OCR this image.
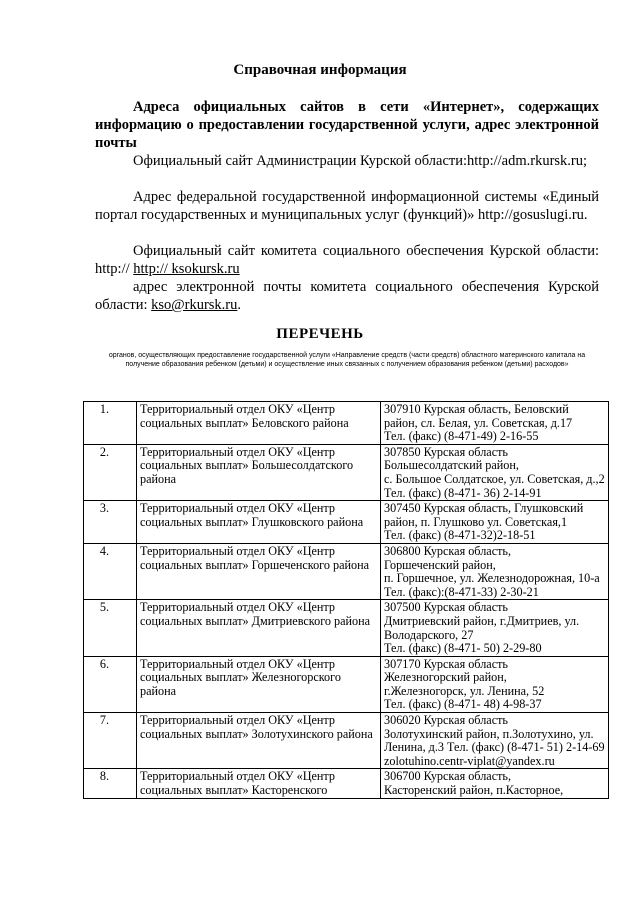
Справочная информация
Адреса официальных сайтов в сети «Интернет», содержащих информацию о предоставлении государственной услуги, адрес электронной почты
Официальный сайт Администрации Курской области:http://adm.rkursk.ru;
Адрес федеральной государственной информационной системы «Единый портал государственных и муниципальных услуг (функций)» http://gosuslugi.ru.
Официальный сайт комитета социального обеспечения Курской области: http:// http:// ksokursk.ru
адрес электронной почты комитета социального обеспечения Курской области: kso@rkursk.ru.
ПЕРЕЧЕНЬ
органов, осуществляющих предоставление государственной услуги «Направление средств (части средств) областного материнского капитала на получение образования ребенком (детьми) и осуществление иных связанных с получением образования ребенком (детьми) расходов»
1.	Территориальный отдел ОКУ «Центр социальных выплат» Беловского района	307910 Курская область, Беловский район, сл. Белая, ул. Советская, д.17
Тел. (факс) (8-471-49) 2-16-55

2.	Территориальный отдел ОКУ «Центр социальных выплат» Большесолдатского района	307850 Курская область Большесолдатский район,
с. Большое Солдатское, ул. Советская, д.,2
Тел. (факс) (8-471- 36) 2-14-91

3.	Территориальный отдел ОКУ «Центр социальных выплат» Глушковского района	307450 Курская область, Глушковский район, п. Глушково ул. Советская,1
Тел. (факс) (8-471-32)2-18-51

4.	Территориальный отдел ОКУ «Центр социальных выплат» Горшеченского района	306800 Курская область,
Горшеченский район,
п. Горшечное, ул. Железнодорожная, 10-а
Тел. (факс):(8-471-33) 2-30-21

5.	Территориальный отдел ОКУ «Центр социальных выплат» Дмитриевского района	307500 Курская область
Дмитриевский район, г.Дмитриев, ул. Володарского, 27
Тел. (факс) (8-471- 50) 2-29-80

6.	Территориальный отдел ОКУ «Центр социальных выплат» Железногорского района	307170 Курская область
Железногорский район,
г.Железногорск, ул. Ленина, 52
Тел. (факс) (8-471- 48) 4-98-37

7.	Территориальный отдел ОКУ «Центр социальных выплат» Золотухинского района	306020 Курская область
Золотухинский район, п.Золотухино, ул. Ленина, д.3 Тел. (факс) (8-471- 51) 2-14-69
zolotuhino.centr-viplat@yandex.ru

8.	Территориальный отдел ОКУ «Центр социальных выплат» Касторенского	306700 Курская область,
Касторенский район, п.Касторное,
